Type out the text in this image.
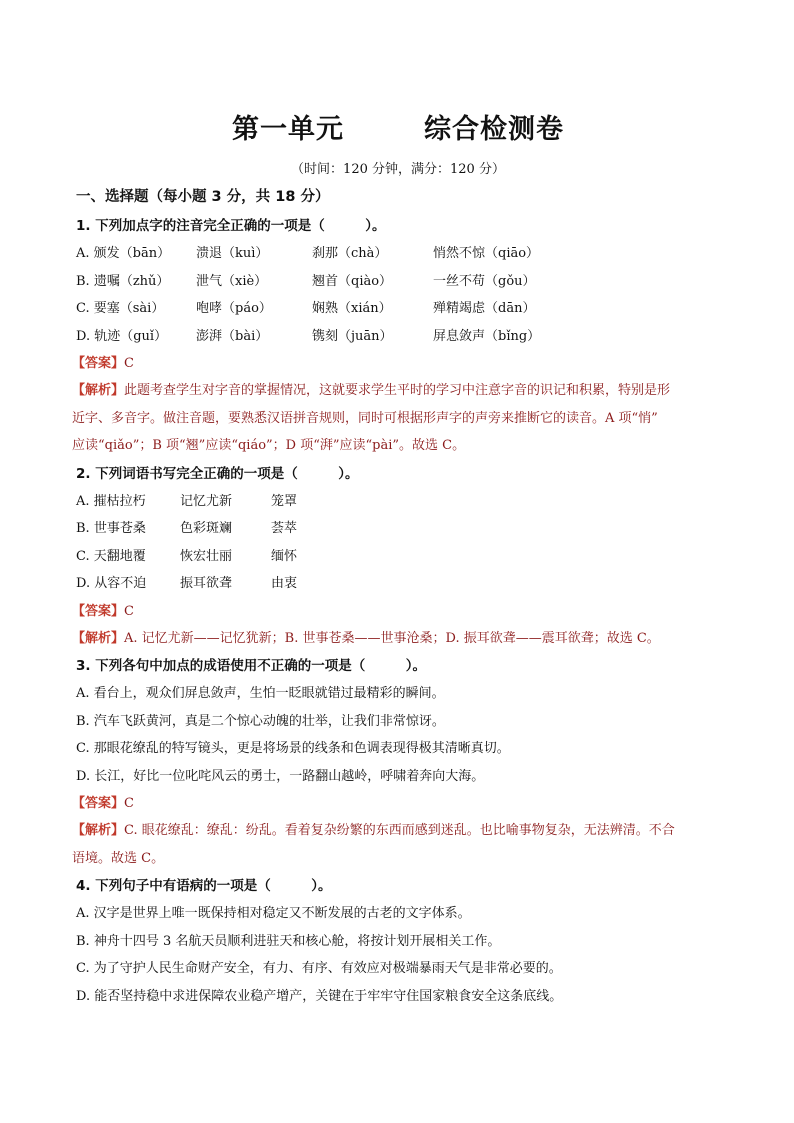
第一单元	综合检测卷
（时间：120 分钟，满分：120 分）
一、选择题（每小题 3 分，共 18 分）
1. 下列加点字的注音完全正确的一项是（　　　）。
A. 颁发（bān）	溃退（kuì）	刹那（chà）	悄然不惊（qiāo）
B. 遗嘱（zhǔ）	泄气（xiè）	翘首（qiào）	一丝不苟（gǒu）
C. 要塞（sài）	咆哮（páo）	娴熟（xián）	殚精竭虑（dān）
D. 轨迹（guǐ）	澎湃（bài）	镌刻（juān）	屏息敛声（bǐng）
【答案】C
【解析】此题考查学生对字音的掌握情况，这就要求学生平时的学习中注意字音的识记和积累，特别是形
近字、多音字。做注音题，要熟悉汉语拼音规则，同时可根据形声字的声旁来推断它的读音。A 项“悄”
应读“qiǎo”；B 项“翘”应读“qiáo”；D 项“湃”应读“pài”。故选 C。
2. 下列词语书写完全正确的一项是（　　　）。
A. 摧枯拉朽	记忆尤新	笼罩
B. 世事苍桑	色彩斑斓	荟萃
C. 天翻地覆	恢宏壮丽	缅怀
D. 从容不迫	振耳欲聋	由衷
【答案】C
【解析】A. 记忆尤新——记忆犹新；B. 世事苍桑——世事沧桑；D. 振耳欲聋——震耳欲聋；故选 C。
3. 下列各句中加点的成语使用不正确的一项是（　　　）。
A. 看台上，观众们屏息敛声，生怕一眨眼就错过最精彩的瞬间。
B. 汽车飞跃黄河，真是二个惊心动魄的壮举，让我们非常惊讶。
C. 那眼花缭乱的特写镜头，更是将场景的线条和色调表现得极其清晰真切。
D. 长江，好比一位叱咤风云的勇士，一路翻山越岭，呼啸着奔向大海。
【答案】C
【解析】C. 眼花缭乱：缭乱：纷乱。看着复杂纷繁的东西而感到迷乱。也比喻事物复杂，无法辨清。不合
语境。故选 C。
4. 下列句子中有语病的一项是（　　　）。
A. 汉字是世界上唯一既保持相对稳定又不断发展的古老的文字体系。
B. 神舟十四号 3 名航天员顺利进驻天和核心舱，将按计划开展相关工作。
C. 为了守护人民生命财产安全，有力、有序、有效应对极端暴雨天气是非常必要的。
D. 能否坚持稳中求进保障农业稳产增产，关键在于牢牢守住国家粮食安全这条底线。
